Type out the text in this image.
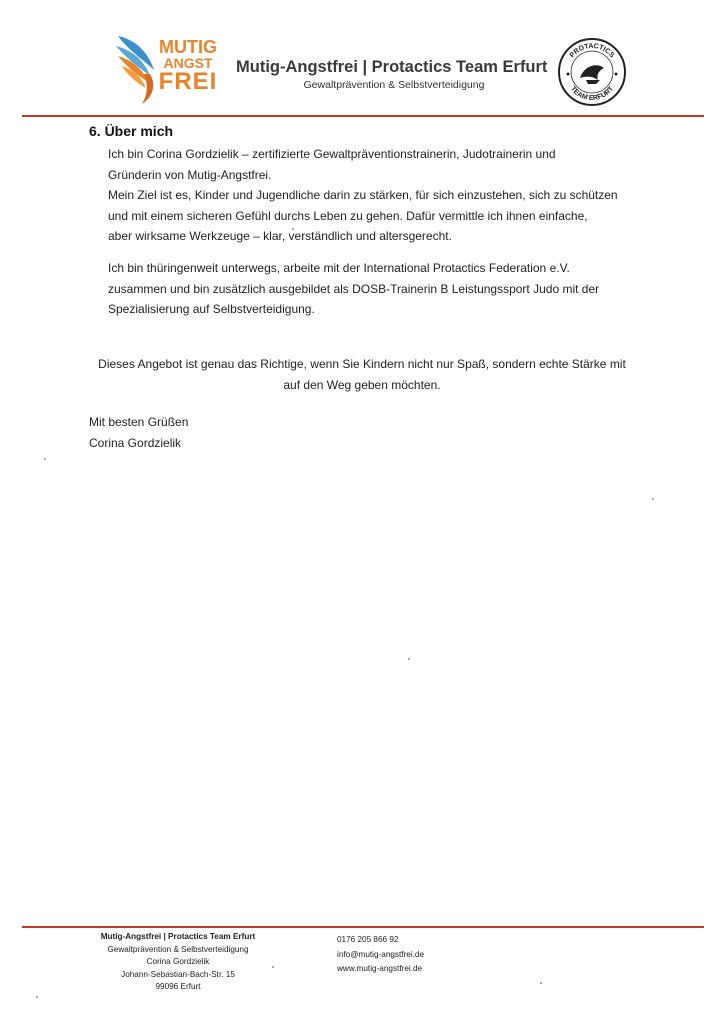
MUTIG
ANGST
FREI
Mutig-Angstfrei | Protactics Team Erfurt
Gewaltprävention & Selbstverteidigung
PROTACTICS
TEAM ERFURT
6. Über mich
Ich bin Corina Gordzielik – zertifizierte Gewaltpräventionstrainerin, Judotrainerin und
Gründerin von Mutig-Angstfrei.
Mein Ziel ist es, Kinder und Jugendliche darin zu stärken, für sich einzustehen, sich zu schützen
und mit einem sicheren Gefühl durchs Leben zu gehen. Dafür vermittle ich ihnen einfache,
aber wirksame Werkzeuge – klar, verständlich und altersgerecht.
Ich bin thüringenweit unterwegs, arbeite mit der International Protactics Federation e.V.
zusammen und bin zusätzlich ausgebildet als DOSB-Trainerin B Leistungssport Judo mit der
Spezialisierung auf Selbstverteidigung.
Dieses Angebot ist genau das Richtige, wenn Sie Kindern nicht nur Spaß, sondern echte Stärke mit
auf den Weg geben möchten.
Mit besten Grüßen
Corina Gordzielik
Mutig-Angstfrei | Protactics Team Erfurt
Gewaltprävention & Selbstverteidigung
Corina Gordzielik
Johann-Sebastian-Bach-Str. 15
99096 Erfurt
0176 205 866 92
info@mutig-angstfrei.de
www.mutig-angstfrei.de
